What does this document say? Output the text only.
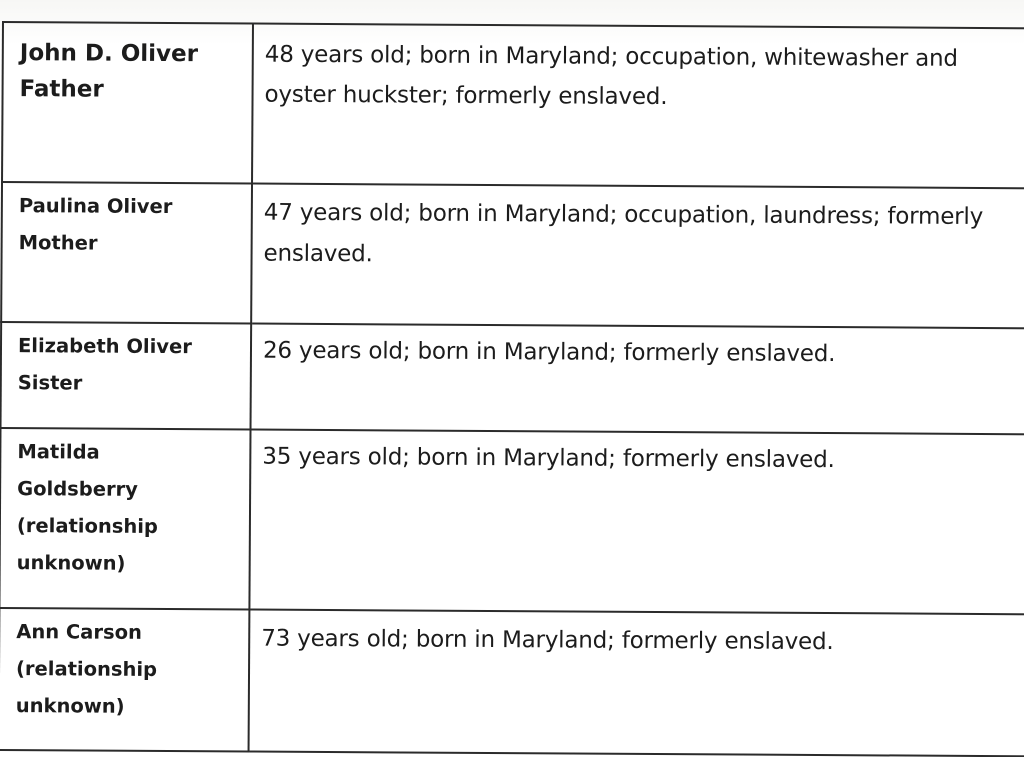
John D. Oliver
Father	48 years old; born in Maryland; occupation, whitewasher and oyster huckster; formerly enslaved.

Paulina Oliver
Mother	47 years old; born in Maryland; occupation, laundress; formerly enslaved.

Elizabeth Oliver
Sister	26 years old; born in Maryland; formerly enslaved.

Matilda
Goldsberry
(relationship
unknown)	35 years old; born in Maryland; formerly enslaved.

Ann Carson
(relationship
unknown)	73 years old; born in Maryland; formerly enslaved.
